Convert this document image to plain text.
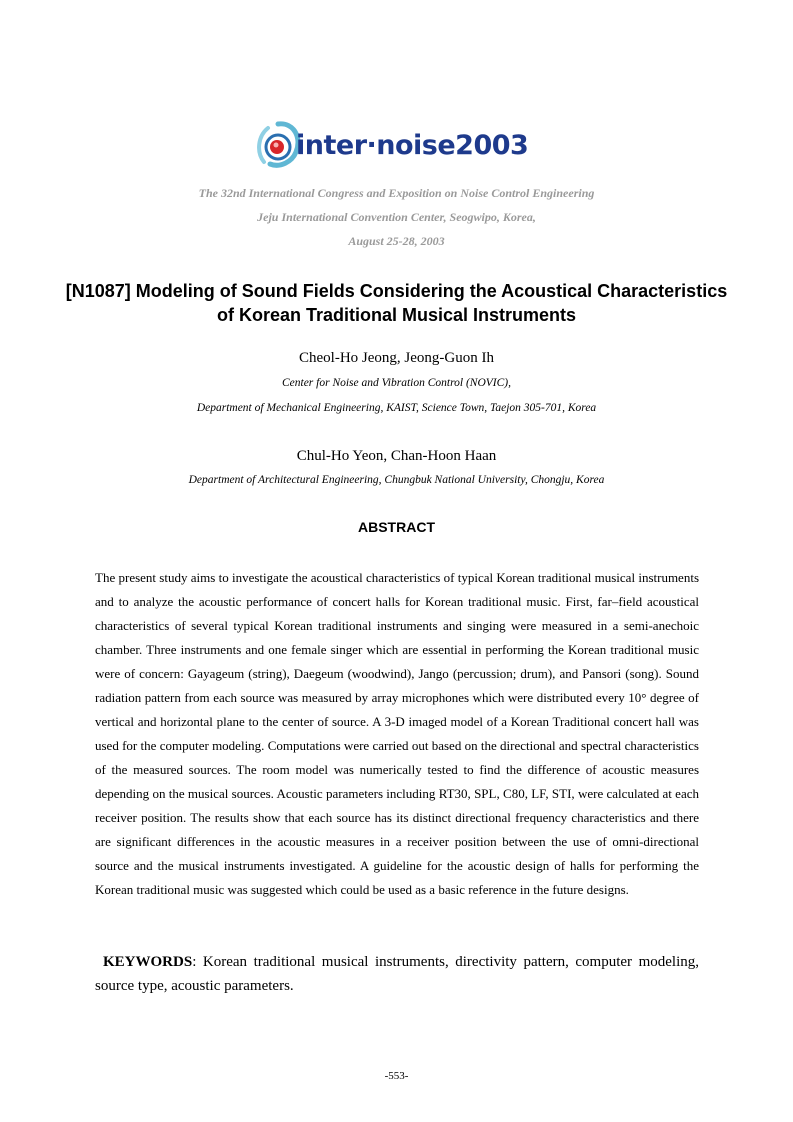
inter·noise2003
The 32nd International Congress and Exposition on Noise Control Engineering
Jeju International Convention Center, Seogwipo, Korea,
August 25-28, 2003
[N1087] Modeling of Sound Fields Considering the Acoustical Characteristics of Korean Traditional Musical Instruments
Cheol-Ho Jeong, Jeong-Guon Ih
Center for Noise and Vibration Control (NOVIC),
Department of Mechanical Engineering, KAIST, Science Town, Taejon 305-701, Korea
Chul-Ho Yeon, Chan-Hoon Haan
Department of Architectural Engineering, Chungbuk National University, Chongju, Korea
ABSTRACT

The present study aims to investigate the acoustical characteristics of typical Korean traditional musical instruments and to analyze the acoustic performance of concert halls for Korean traditional music. First, far–field acoustical characteristics of several typical Korean traditional instruments and singing were measured in a semi-anechoic chamber. Three instruments and one female singer which are essential in performing the Korean traditional music were of concern: Gayageum (string), Daegeum (woodwind), Jango (percussion; drum), and Pansori (song). Sound radiation pattern from each source was measured by array microphones which were distributed every 10° degree of vertical and horizontal plane to the center of source. A 3-D imaged model of a Korean Traditional concert hall was used for the computer modeling. Computations were carried out based on the directional and spectral characteristics of the measured sources. The room model was numerically tested to find the difference of acoustic measures depending on the musical sources. Acoustic parameters including RT30, SPL, C80, LF, STI, were calculated at each receiver position. The results show that each source has its distinct directional frequency characteristics and there are significant differences in the acoustic measures in a receiver position between the use of omni-directional source and the musical instruments investigated. A guideline for the acoustic design of halls for performing the Korean traditional music was suggested which could be used as a basic reference in the future designs.

KEYWORDS: Korean traditional musical instruments, directivity pattern, computer modeling, source type, acoustic parameters.

-553-
